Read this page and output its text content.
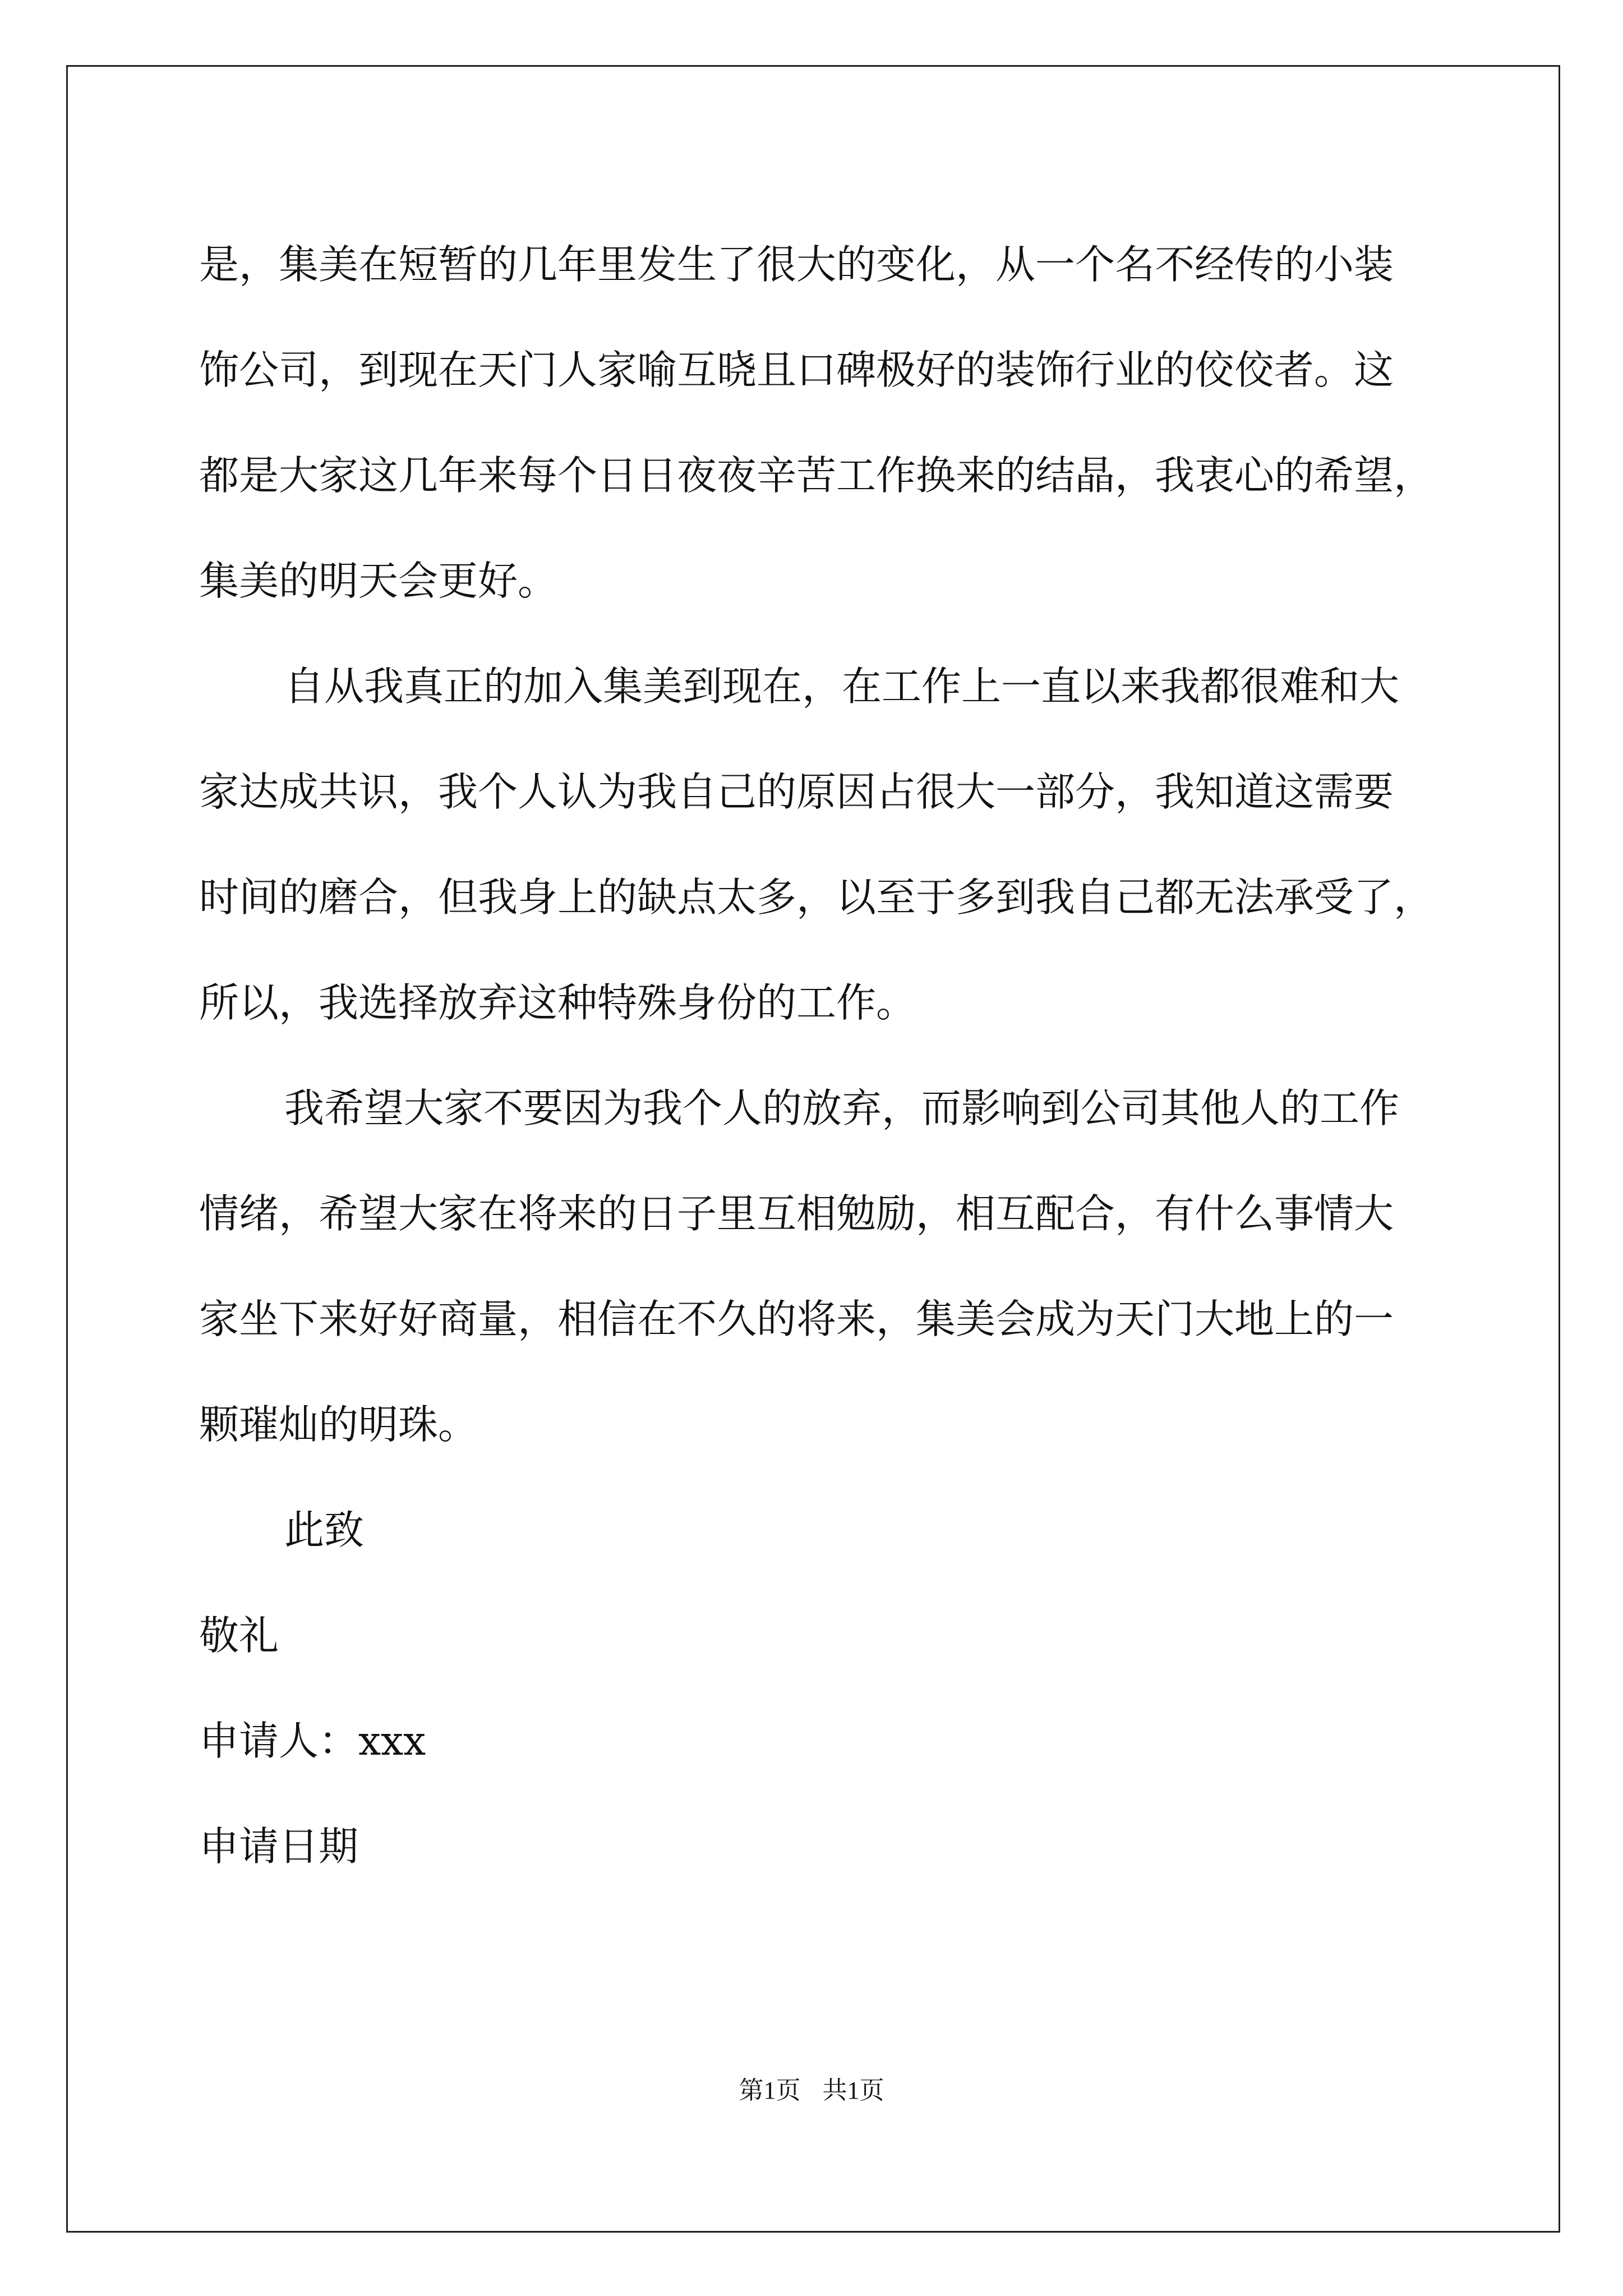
是，集美在短暂的几年里发生了很大的变化，从一个名不经传的小装
饰公司，到现在天门人家喻互晓且口碑极好的装饰行业的佼佼者。这
都是大家这几年来每个日日夜夜辛苦工作换来的结晶，我衷心的希望，
集美的明天会更好。
自从我真正的加入集美到现在，在工作上一直以来我都很难和大
家达成共识，我个人认为我自己的原因占很大一部分，我知道这需要
时间的磨合，但我身上的缺点太多，以至于多到我自己都无法承受了，
所以，我选择放弃这种特殊身份的工作。
我希望大家不要因为我个人的放弃，而影响到公司其他人的工作
情绪，希望大家在将来的日子里互相勉励，相互配合，有什么事情大
家坐下来好好商量，相信在不久的将来，集美会成为天门大地上的一
颗璀灿的明珠。
此致
敬礼
申请人：xxx
申请日期
第1页 共1页
